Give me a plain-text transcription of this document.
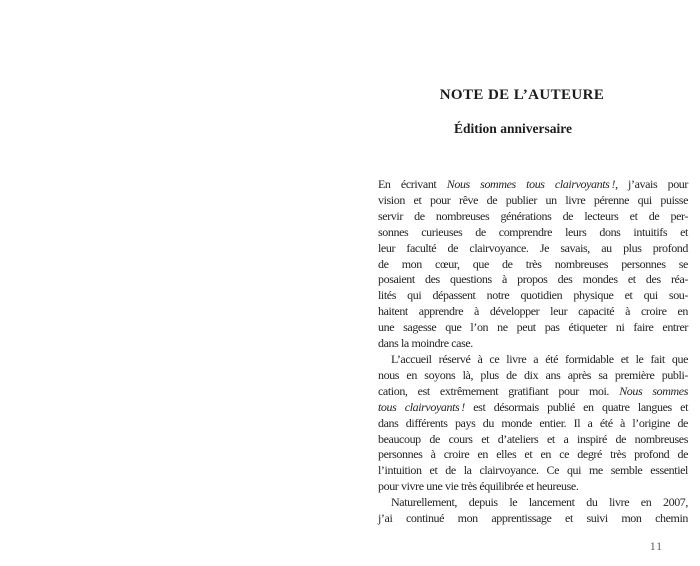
NOTE DE L’AUTEURE
Édition anniversaire
En écrivant Nous sommes tous clairvoyants !, j’avais pour
vision et pour rêve de publier un livre pérenne qui puisse
servir de nombreuses générations de lecteurs et de per-
sonnes curieuses de comprendre leurs dons intuitifs et
leur faculté de clairvoyance. Je savais, au plus profond
de mon cœur, que de très nombreuses personnes se
posaient des questions à propos des mondes et des réa-
lités qui dépassent notre quotidien physique et qui sou-
haitent apprendre à développer leur capacité à croire en
une sagesse que l’on ne peut pas étiqueter ni faire entrer
dans la moindre case.
L’accueil réservé à ce livre a été formidable et le fait que
nous en soyons là, plus de dix ans après sa première publi-
cation, est extrêmement gratifiant pour moi. Nous sommes
tous clairvoyants ! est désormais publié en quatre langues et
dans différents pays du monde entier. Il a été à l’origine de
beaucoup de cours et d’ateliers et a inspiré de nombreuses
personnes à croire en elles et en ce degré très profond de
l’intuition et de la clairvoyance. Ce qui me semble essentiel
pour vivre une vie très équilibrée et heureuse.
Naturellement, depuis le lancement du livre en 2007,
j’ai continué mon apprentissage et suivi mon chemin
11
